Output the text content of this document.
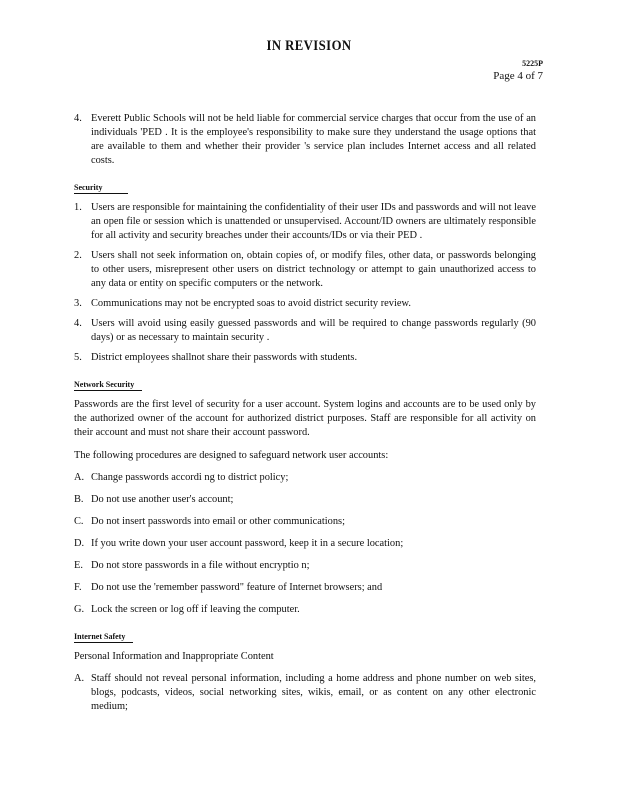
IN REVISION
5225P
Page 4 of 7
4. Everett Public Schools will not be held liable for commercial service charges that occur from the use of an individuals 'PED . It is the employee's responsibility to make sure they understand the usage options that are available to them and whether their provider 's service plan includes Internet access and all related costs.

Security
1. Users are responsible for maintaining the confidentiality of their user IDs and passwords and will not leave an open file or session which is unattended or unsupervised. Account/ID owners are ultimately responsible for all activity and security breaches under their accounts/IDs or via their PED .

2. Users shall not seek information on, obtain copies of, or modify files, other data, or passwords belonging to other users, misrepresent other users on district technology or attempt to gain unauthorized access to any data or entity on specific computers or the network.

3. Communications may not be encrypted soas to avoid district security review.

4. Users will avoid using easily guessed passwords and will be required to change passwords regularly (90 days) or as necessary to maintain security .

5. District employees shallnot share their passwords with students.

Network Security

Passwords are the first level of security for a user account. System logins and accounts are to be used only by the authorized owner of the account for authorized district purposes. Staff are responsible for all activity on their account and must not share their account password.

The following procedures are designed to safeguard network user accounts:

A. Change passwords accordi ng to district policy;

B. Do not use another user's account;

C. Do not insert passwords into email or other communications;

D. If you write down your user account password, keep it in a secure location;

E. Do not store passwords in a file without encryptio n;

F. Do not use the 'remember password" feature of Internet browsers; and

G. Lock the screen or log off if leaving the computer.

Internet Safety

Personal Information and Inappropriate Content

A. Staff should not reveal personal information, including a home address and phone number on web sites, blogs, podcasts, videos, social networking sites, wikis, email, or as content on any other electronic medium;
